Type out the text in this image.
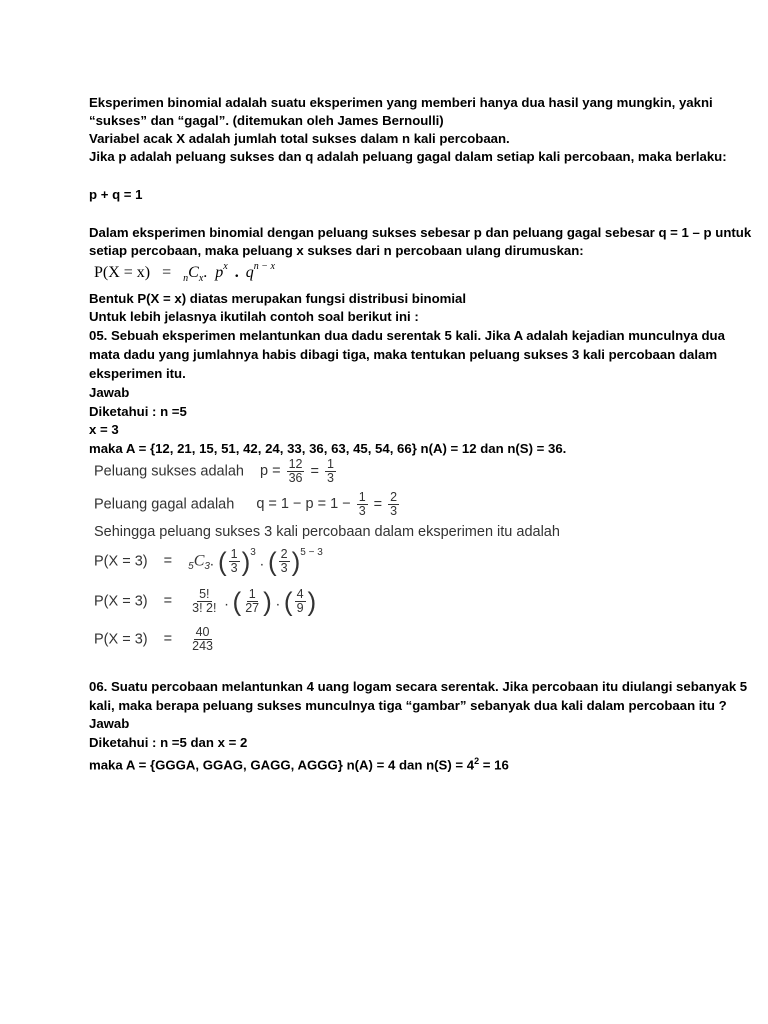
Eksperimen binomial adalah suatu eksperimen yang memberi hanya dua hasil yang mungkin, yakni
“sukses” dan “gagal”. (ditemukan oleh James Bernoulli)
Variabel acak X adalah jumlah total sukses dalam n kali percobaan.
Jika p adalah peluang sukses dan q adalah peluang gagal dalam setiap kali percobaan, maka berlaku:
p + q = 1
Dalam eksperimen binomial dengan peluang sukses sebesar p dan peluang gagal sebesar q = 1 – p untuk
setiap percobaan, maka peluang x sukses dari n percobaan ulang dirumuskan:
$P(X = x) = _nC_x$. $p^x$ . $q^{n - x}$
Bentuk P(X = x) diatas merupakan fungsi distribusi binomial
Untuk lebih jelasnya ikutilah contoh soal berikut ini :
05. Sebuah eksperimen melantunkan dua dadu serentak 5 kali. Jika A adalah kejadian munculnya dua
mata dadu yang jumlahnya habis dibagi tiga, maka tentukan peluang sukses 3 kali percobaan dalam
eksperimen itu.
Jawab
Diketahui : n =5
x = 3
maka A = {12, 21, 15, 51, 42, 24, 33, 36, 63, 45, 54, 66} n(A) = 12 dan n(S) = 36.
Peluang sukses adalah $p = \frac{12}{36} = \frac{1}{3}$
Peluang gagal adalah $q = 1 - p = 1 - \frac{1}{3} = \frac{2}{3}$
Sehingga peluang sukses 3 kali percobaan dalam eksperimen itu adalah
$P(X = 3) = _5C_3$. ( $\frac{1}{3} )^3$ . ( $\frac{2}{3} )^{5 - 3}$
$P(X = 3) = \frac{5!}{3! 2!}$ . ( $\frac{1}{27}$ ) . ( $\frac{4}{9}$ )
$P(X = 3) = \frac{40}{243}$
06. Suatu percobaan melantunkan 4 uang logam secara serentak. Jika percobaan itu diulangi sebanyak 5
kali, maka berapa peluang sukses munculnya tiga “gambar” sebanyak dua kali dalam percobaan itu ?
Jawab
Diketahui : n =5 dan x = 2
maka A = {GGGA, GGAG, GAGG, AGGG} n(A) = 4 dan $n(S) = 4^2 = 16$
